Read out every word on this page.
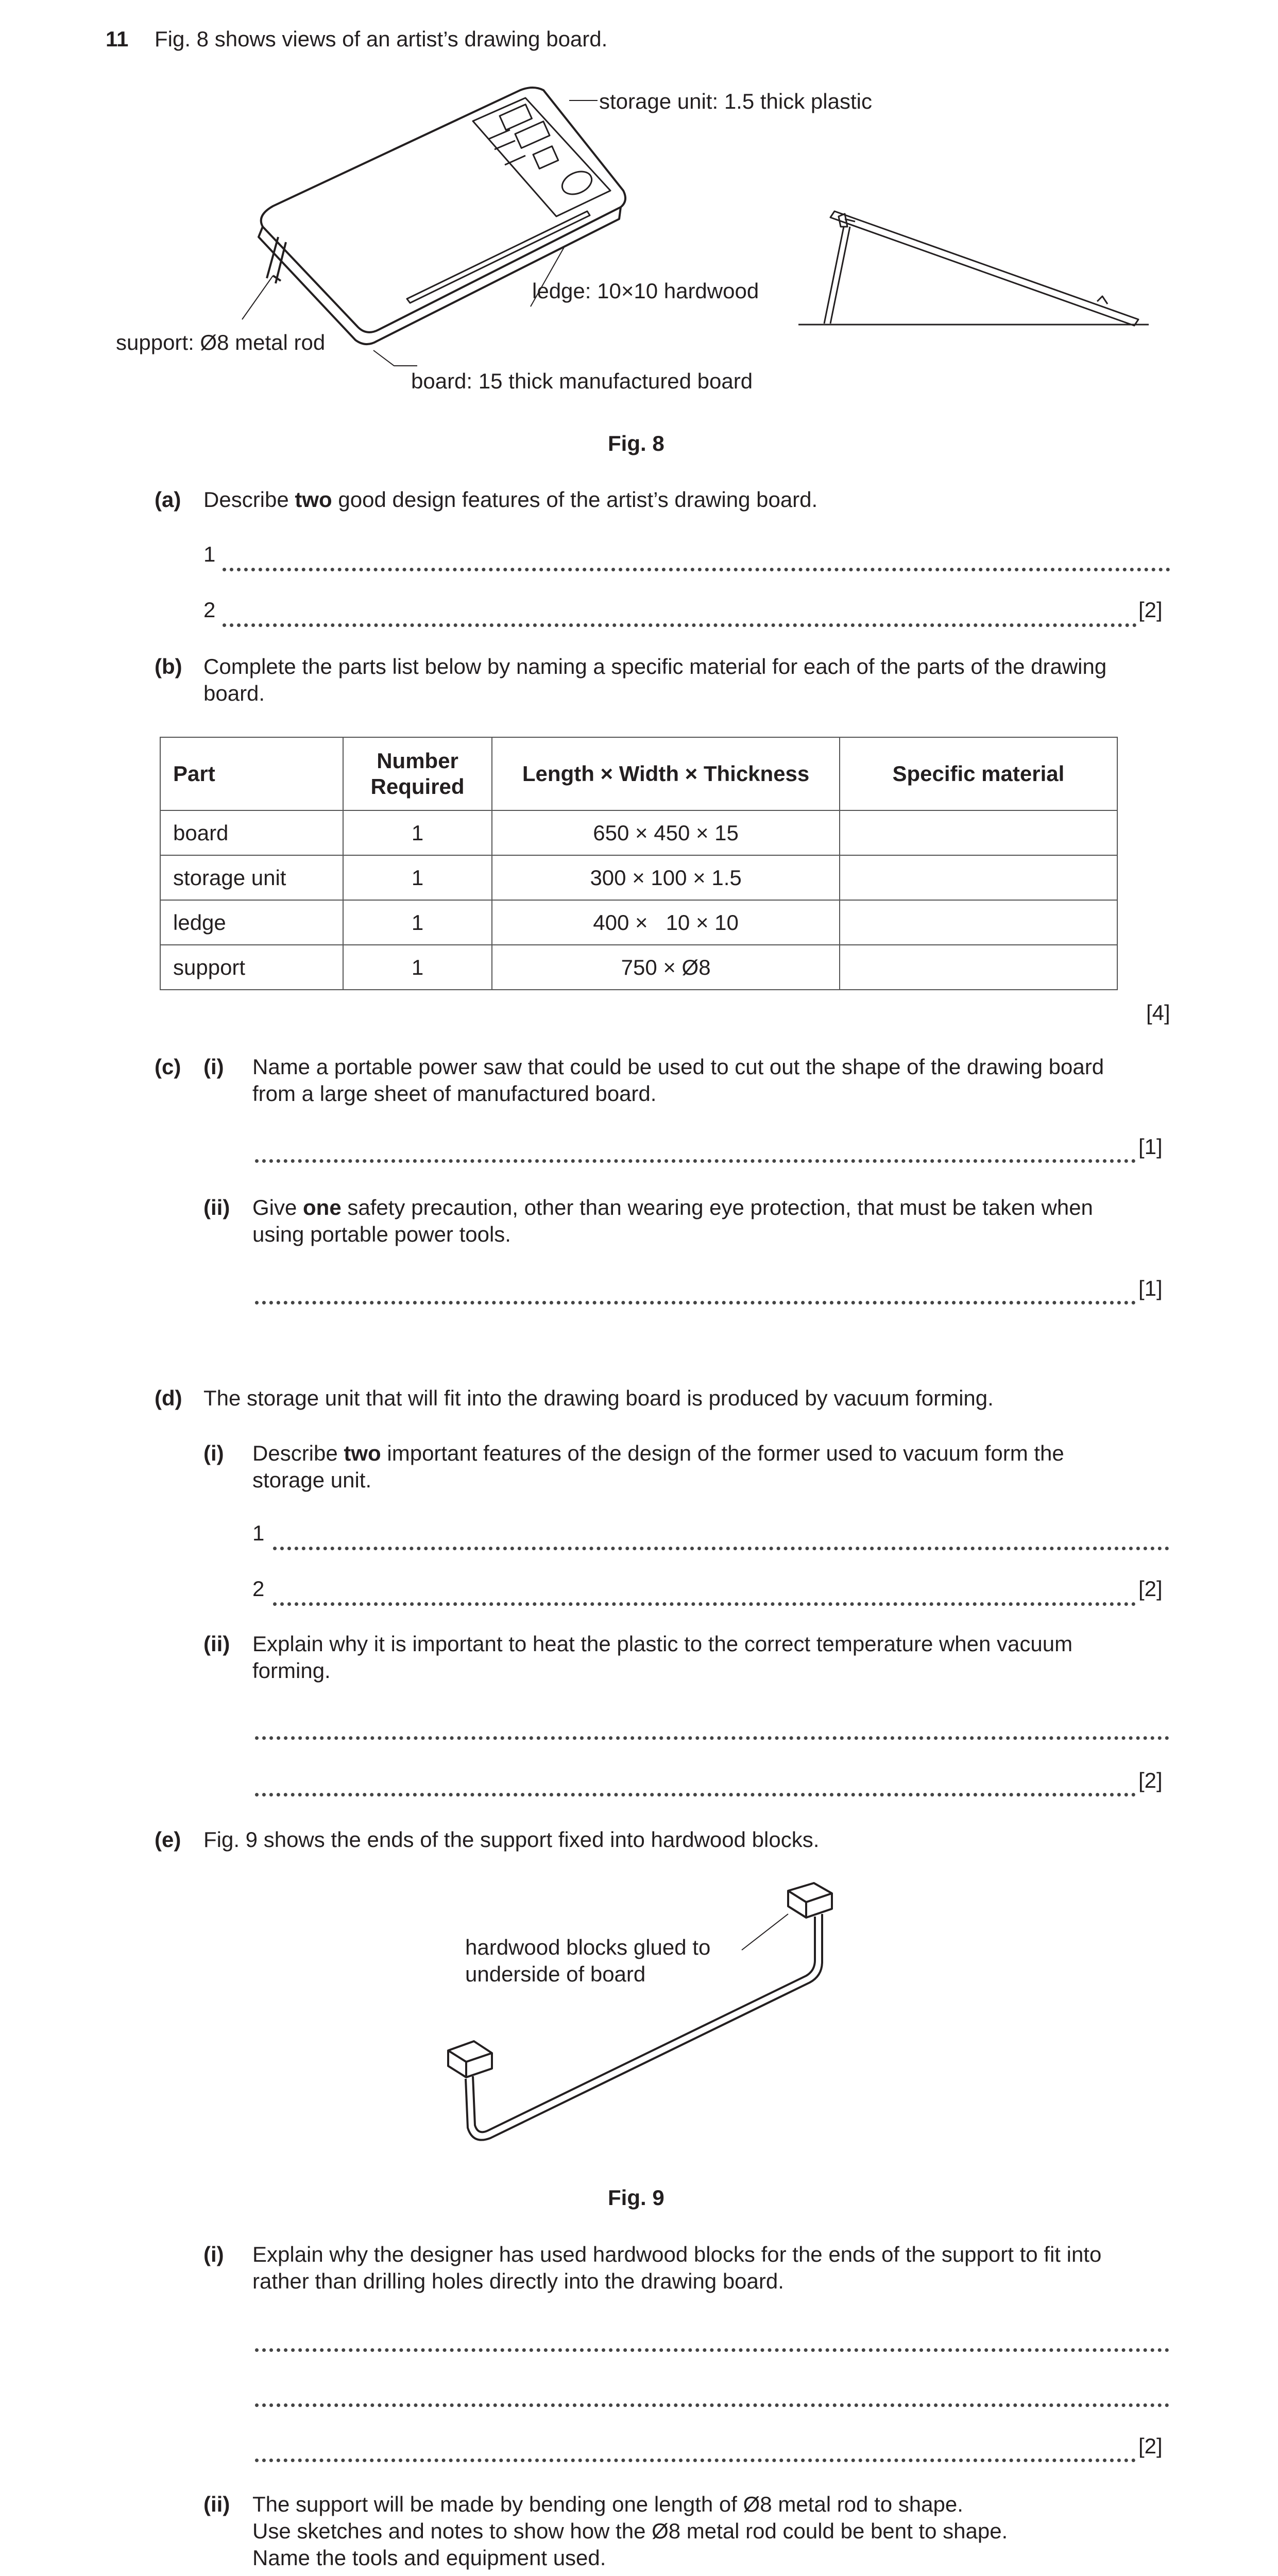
11 Fig. 8 shows views of an artist’s drawing board.
storage unit: 1.5 thick plastic
ledge: 10×10 hardwood
support: Ø8 metal rod
board: 15 thick manufactured board
Fig. 8
(a) Describe two good design features of the artist’s drawing board.
1
2	[2]
(b) Complete the parts list below by naming a specific material for each of the parts of the drawing
board.
Part	Number Required	Length × Width × Thickness	Specific material
board	1	650 × 450 × 15	
storage unit	1	300 × 100 × 1.5	
ledge	1	400 ×   10 × 10	
support	1	750 × Ø8	
[4]
(c) (i) Name a portable power saw that could be used to cut out the shape of the drawing board
from a large sheet of manufactured board.
[1]
(ii) Give one safety precaution, other than wearing eye protection, that must be taken when
using portable power tools.
[1]
(d) The storage unit that will fit into the drawing board is produced by vacuum forming.
(i) Describe two important features of the design of the former used to vacuum form the
storage unit.
1
2	[2]
(ii) Explain why it is important to heat the plastic to the correct temperature when vacuum
forming.
[2]
(e) Fig. 9 shows the ends of the support fixed into hardwood blocks.
hardwood blocks glued to
underside of board
Fig. 9
(i) Explain why the designer has used hardwood blocks for the ends of the support to fit into
rather than drilling holes directly into the drawing board.
[2]
(ii) The support will be made by bending one length of Ø8 metal rod to shape.
Use sketches and notes to show how the Ø8 metal rod could be bent to shape.
Name the tools and equipment used.
